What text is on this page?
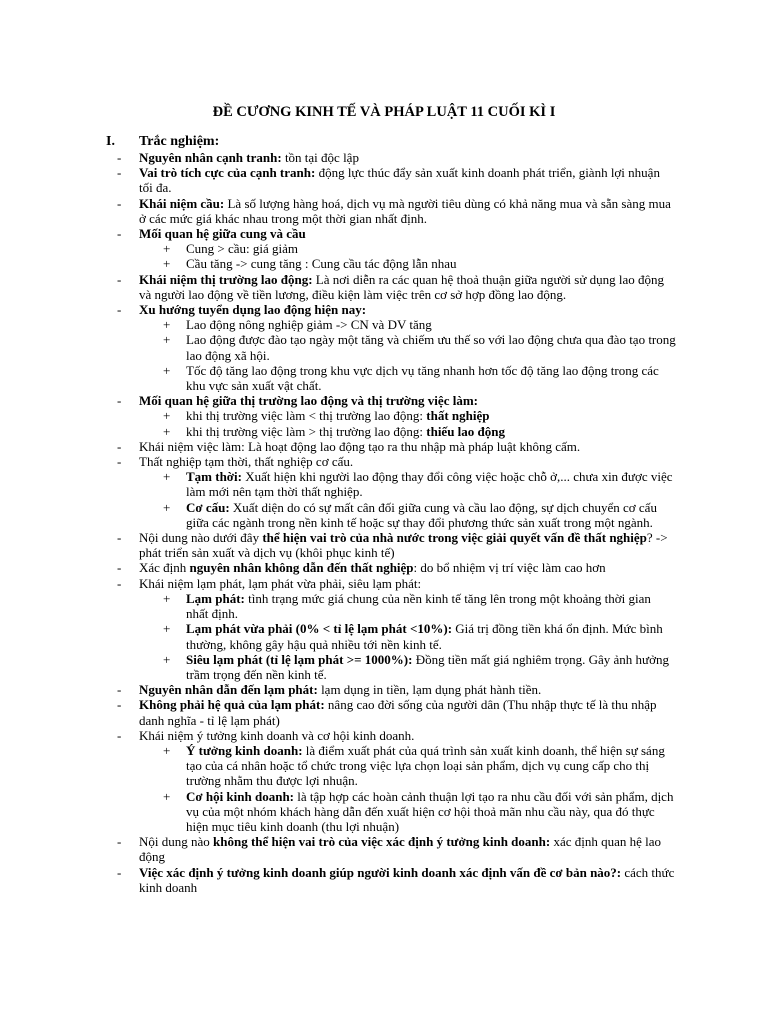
ĐỀ CƯƠNG KINH TẾ VÀ PHÁP LUẬT 11 CUỐI KÌ I
I. Trắc nghiệm:
- Nguyên nhân cạnh tranh: tồn tại độc lập
- Vai trò tích cực của cạnh tranh: động lực thúc đẩy sản xuất kinh doanh phát triển, giành lợi nhuận tối đa.
- Khái niệm cầu: Là số lượng hàng hoá, dịch vụ mà người tiêu dùng có khả năng mua và sẵn sàng mua ở các mức giá khác nhau trong một thời gian nhất định.
- Mối quan hệ giữa cung và cầu
+ Cung > cầu: giá giảm
+ Cầu tăng -> cung tăng : Cung cầu tác động lẫn nhau
- Khái niệm thị trường lao động: Là nơi diễn ra các quan hệ thoả thuận giữa người sử dụng lao động và người lao động về tiền lương, điều kiện làm việc trên cơ sở hợp đồng lao động.
- Xu hướng tuyển dụng lao động hiện nay:
+ Lao động nông nghiệp giảm -> CN và DV tăng
+ Lao động được đào tạo ngày một tăng và chiếm ưu thế so với lao động chưa qua đào tạo trong lao động xã hội.
+ Tốc độ tăng lao động trong khu vực dịch vụ tăng nhanh hơn tốc độ tăng lao động trong các khu vực sản xuất vật chất.
- Mối quan hệ giữa thị trường lao động và thị trường việc làm:
+ khi thị trường việc làm < thị trường lao động: thất nghiệp
+ khi thị trường việc làm > thị trường lao động: thiếu lao động
- Khái niệm việc làm: Là hoạt động lao động tạo ra thu nhập mà pháp luật không cấm.
- Thất nghiệp tạm thời, thất nghiệp cơ cấu.
+ Tạm thời: Xuất hiện khi người lao động thay đổi công việc hoặc chỗ ở,... chưa xin được việc làm mới nên tạm thời thất nghiệp.
+ Cơ cấu: Xuất diện do có sự mất cân đối giữa cung và cầu lao động, sự dịch chuyển cơ cấu giữa các ngành trong nền kinh tế hoặc sự thay đổi phương thức sản xuất trong một ngành.
- Nội dung nào dưới đây thể hiện vai trò của nhà nước trong việc giải quyết vấn đề thất nghiệp? -> phát triển sản xuất và dịch vụ (khôi phục kinh tế)
- Xác định nguyên nhân không dẫn đến thất nghiệp: do bổ nhiệm vị trí việc làm cao hơn
- Khái niệm lạm phát, lạm phát vừa phải, siêu lạm phát:
+ Lạm phát: tình trạng mức giá chung của nền kinh tế tăng lên trong một khoảng thời gian nhất định.
+ Lạm phát vừa phải (0% < tỉ lệ lạm phát <10%): Giá trị đồng tiền khá ổn định. Mức bình thường, không gây hậu quả nhiều tới nền kinh tế.
+ Siêu lạm phát (tỉ lệ lạm phát >= 1000%): Đồng tiền mất giá nghiêm trọng. Gây ảnh hưởng trầm trọng đến nền kinh tế.
- Nguyên nhân dẫn đến lạm phát: lạm dụng in tiền, lạm dụng phát hành tiền.
- Không phải hệ quả của lạm phát: nâng cao đời sống của người dân (Thu nhập thực tế là thu nhập danh nghĩa - tỉ lệ lạm phát)
- Khái niệm ý tưởng kinh doanh và cơ hội kinh doanh.
+ Ý tưởng kinh doanh: là điểm xuất phát của quá trình sản xuất kinh doanh, thể hiện sự sáng tạo của cá nhân hoặc tổ chức trong việc lựa chọn loại sản phẩm, dịch vụ cung cấp cho thị trường nhằm thu được lợi nhuận.
+ Cơ hội kinh doanh: là tập hợp các hoàn cảnh thuận lợi tạo ra nhu cầu đối với sản phẩm, dịch vụ của một nhóm khách hàng dẫn đến xuất hiện cơ hội thoả mãn nhu cầu này, qua đó thực hiện mục tiêu kinh doanh (thu lợi nhuận)
- Nội dung nào không thể hiện vai trò của việc xác định ý tưởng kinh doanh: xác định quan hệ lao động
- Việc xác định ý tưởng kinh doanh giúp người kinh doanh xác định vấn đề cơ bản nào?: cách thức kinh doanh
